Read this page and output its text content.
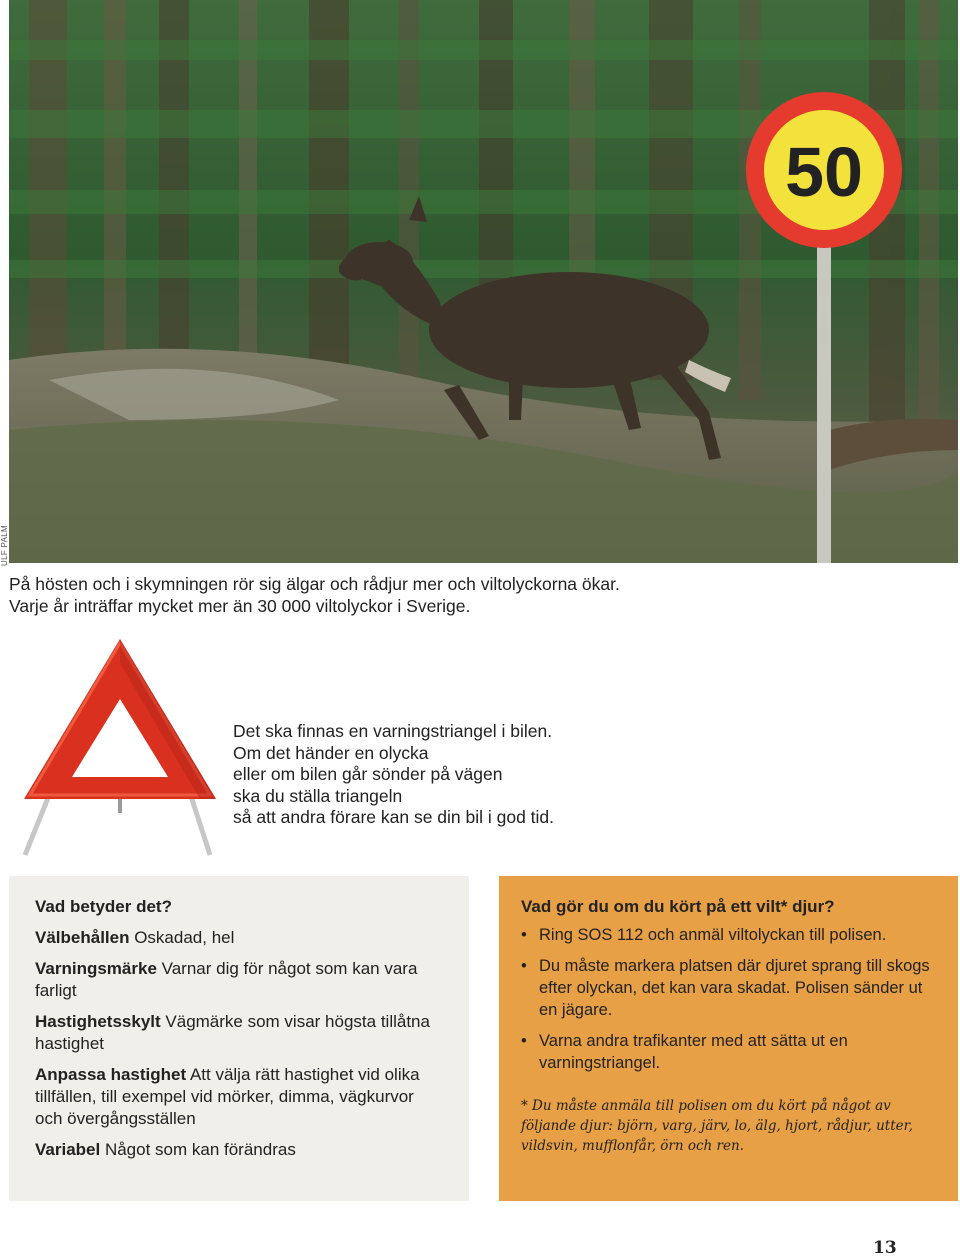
50
ULF PALM
På hösten och i skymningen rör sig älgar och rådjur mer och viltolyckorna ökar.
Varje år inträffar mycket mer än 30 000 viltolyckor i Sverige.
Det ska finnas en varningstriangel i bilen.
Om det händer en olycka
eller om bilen går sönder på vägen
ska du ställa triangeln
så att andra förare kan se din bil i god tid.
Vad betyder det?
Välbehållen Oskadad, hel
Varningsmärke Varnar dig för något som kan vara farligt
Hastighetsskylt Vägmärke som visar högsta tillåtna hastighet
Anpassa hastighet Att välja rätt hastighet vid olika tillfällen, till exempel vid mörker, dimma, vägkurvor och övergångsställen
Variabel Något som kan förändras
Vad gör du om du kört på ett vilt* djur?
• Ring SOS 112 och anmäl viltolyckan till polisen.
• Du måste markera platsen där djuret sprang till skogs efter olyckan, det kan vara skadat. Polisen sänder ut en jägare.
• Varna andra trafikanter med att sätta ut en varningstriangel.
* Du måste anmäla till polisen om du kört på något av följande djur: björn, varg, järv, lo, älg, hjort, rådjur, utter, vildsvin, mufflonfår, örn och ren.
13
